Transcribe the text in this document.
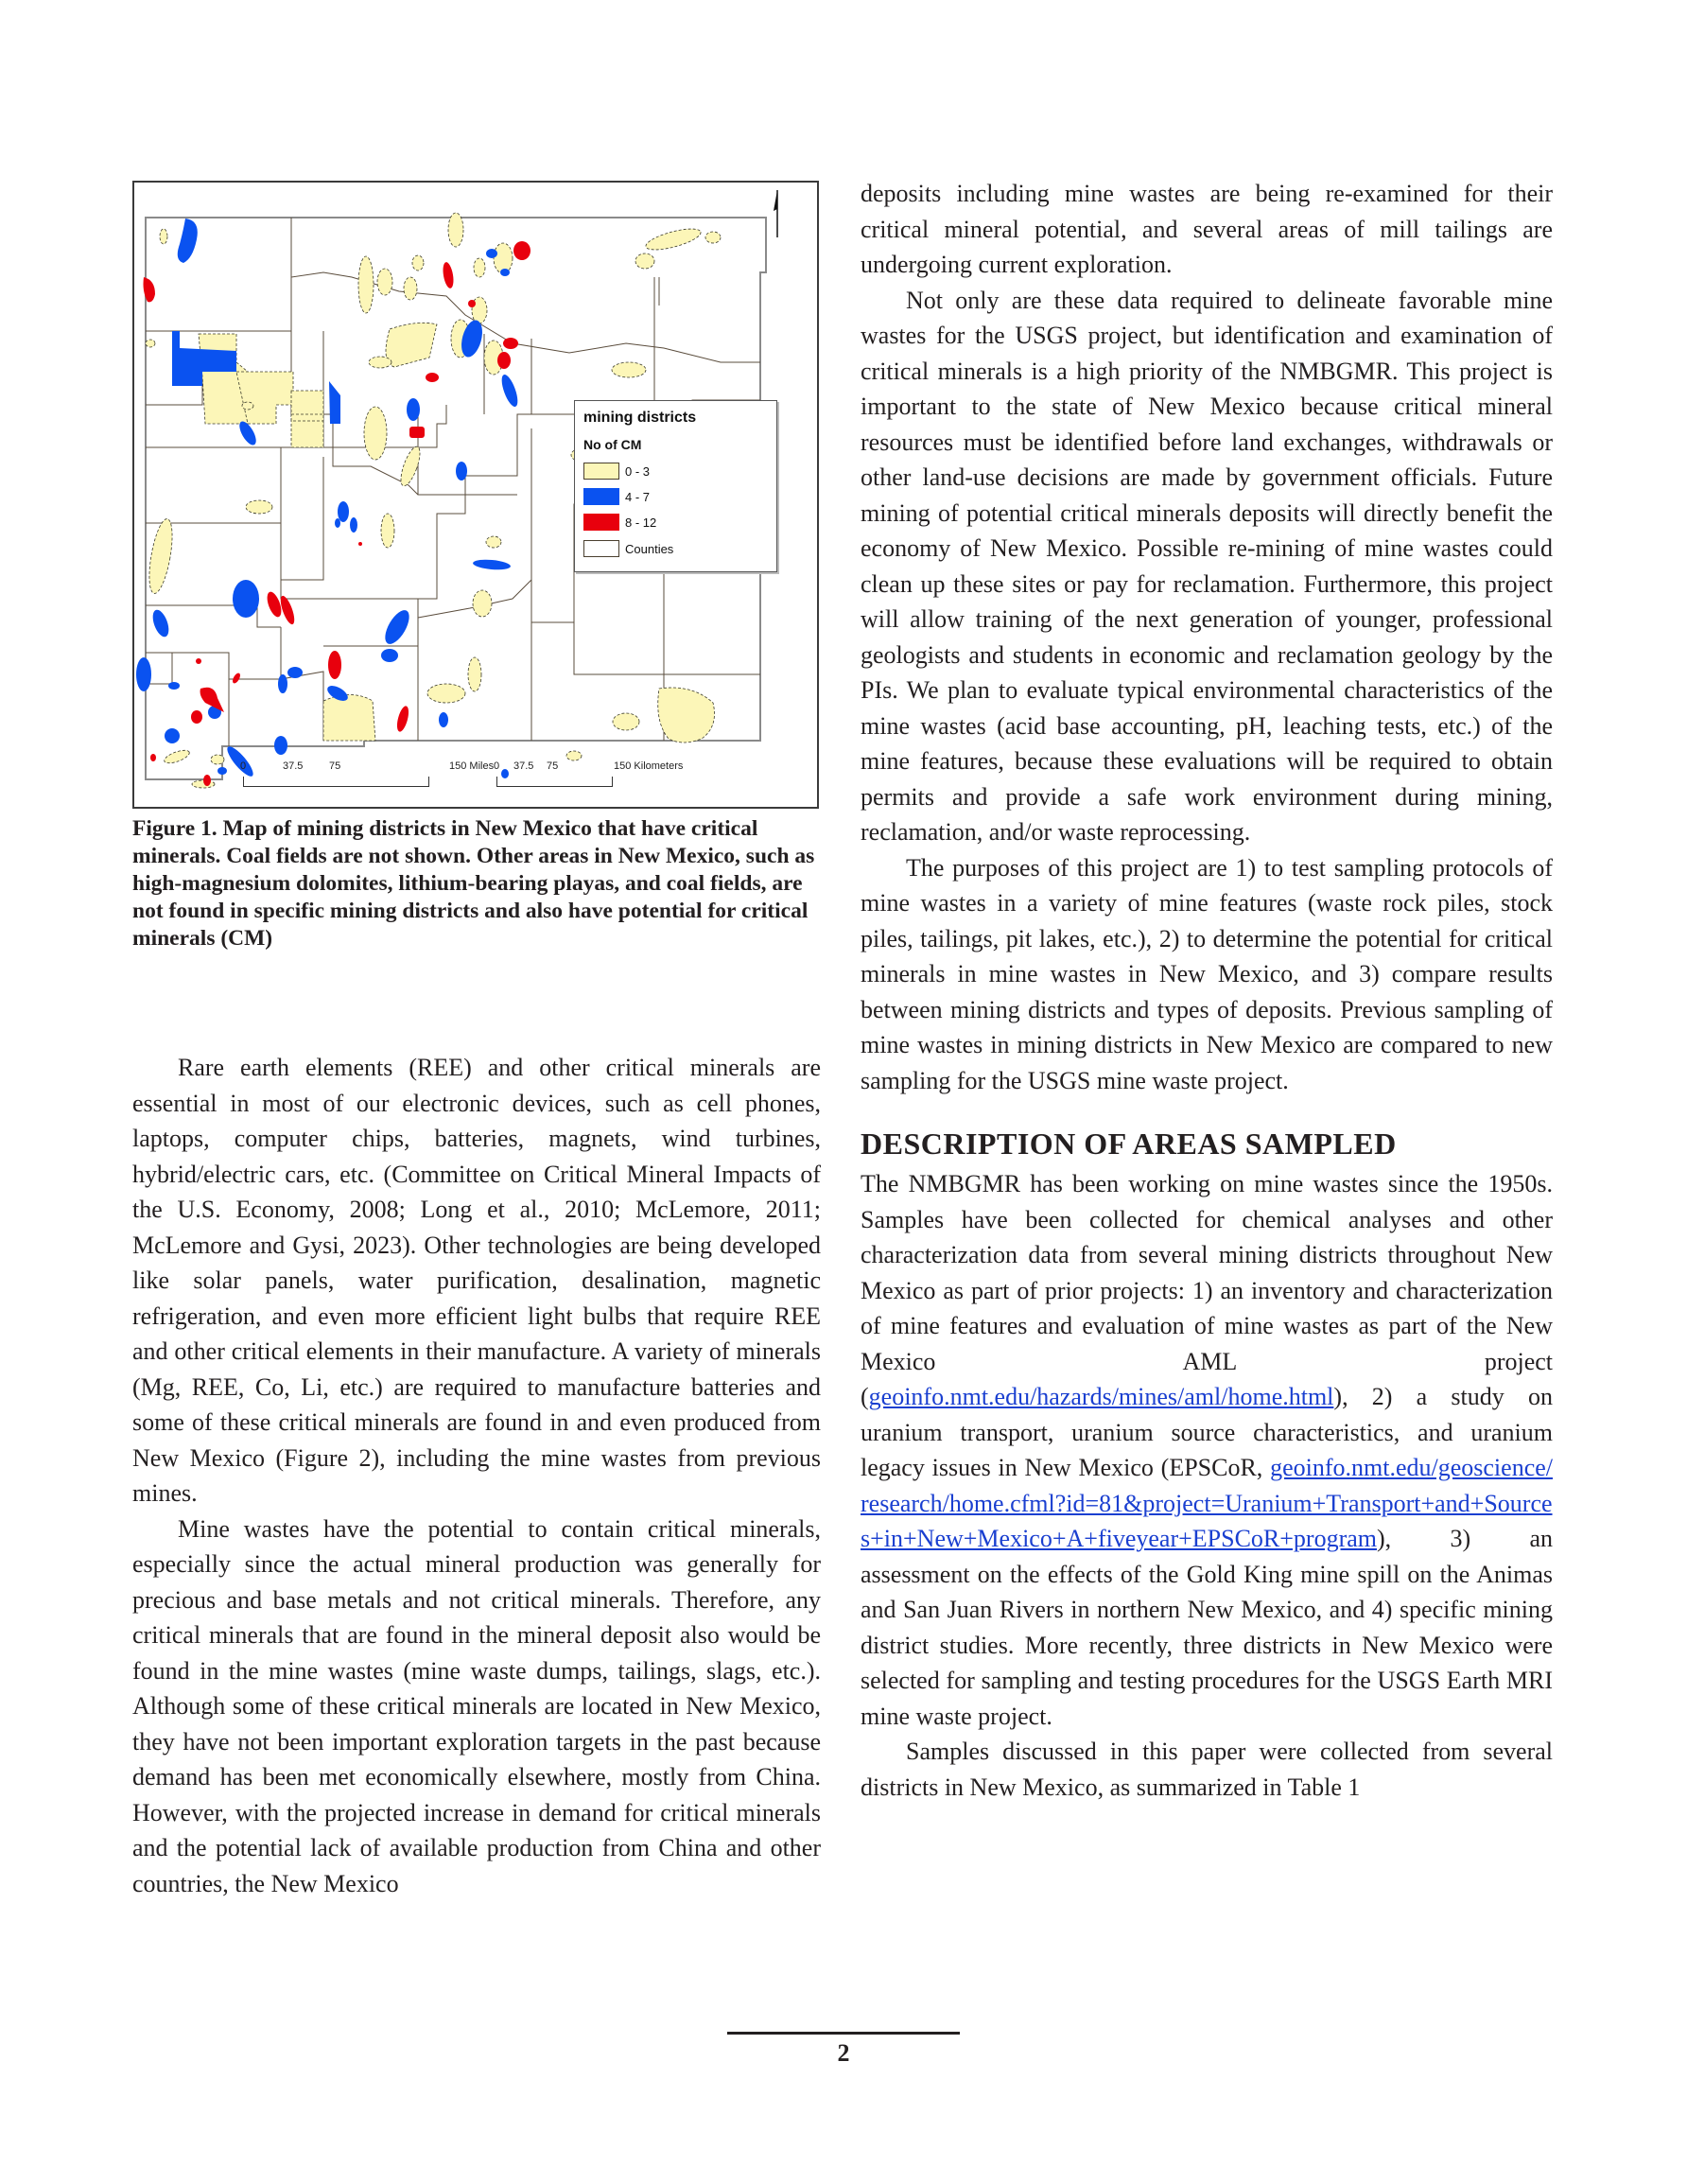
mining districts
No of CM
0 - 3
4 - 7
8 - 12
Counties
0	37.5	75	150 Miles 0 37.5 75	150 Kilometers
Figure 1. Map of mining districts in New Mexico that have critical minerals. Coal fields are not shown. Other areas in New Mexico, such as high-magnesium dolomites, lithium-bearing playas, and coal fields, are not found in specific mining districts and also have potential for critical minerals (CM)

Rare earth elements (REE) and other critical minerals are essential in most of our electronic devices, such as cell phones, laptops, computer chips, batteries, magnets, wind turbines, hybrid/electric cars, etc. (Committee on Critical Mineral Impacts of the U.S. Economy, 2008; Long et al., 2010; McLemore, 2011; McLemore and Gysi, 2023). Other technologies are being developed like solar panels, water purification, desalination, magnetic refrigeration, and even more efficient light bulbs that require REE and other critical elements in their manufacture. A variety of minerals (Mg, REE, Co, Li, etc.) are required to manufacture batteries and some of these critical minerals are found in and even produced from New Mexico (Figure 2), including the mine wastes from previous mines.

Mine wastes have the potential to contain critical minerals, especially since the actual mineral production was generally for precious and base metals and not critical minerals. Therefore, any critical minerals that are found in the mineral deposit also would be found in the mine wastes (mine waste dumps, tailings, slags, etc.). Although some of these critical minerals are located in New Mexico, they have not been important exploration targets in the past because demand has been met economically elsewhere, mostly from China. However, with the projected increase in demand for critical minerals and the potential lack of available production from China and other countries, the New Mexico

deposits including mine wastes are being re-examined for their critical mineral potential, and several areas of mill tailings are undergoing current exploration.

Not only are these data required to delineate favorable mine wastes for the USGS project, but identification and examination of critical minerals is a high priority of the NMBGMR. This project is important to the state of New Mexico because critical mineral resources must be identified before land exchanges, withdrawals or other land-use decisions are made by government officials. Future mining of potential critical minerals deposits will directly benefit the economy of New Mexico. Possible re-mining of mine wastes could clean up these sites or pay for reclamation. Furthermore, this project will allow training of the next generation of younger, professional geologists and students in economic and reclamation geology by the PIs. We plan to evaluate typical environmental characteristics of the mine wastes (acid base accounting, pH, leaching tests, etc.) of the mine features, because these evaluations will be required to obtain permits and provide a safe work environment during mining, reclamation, and/or waste reprocessing.

The purposes of this project are 1) to test sampling protocols of mine wastes in a variety of mine features (waste rock piles, stock piles, tailings, pit lakes, etc.), 2) to determine the potential for critical minerals in mine wastes in New Mexico, and 3) compare results between mining districts and types of deposits. Previous sampling of mine wastes in mining districts in New Mexico are compared to new sampling for the USGS mine waste project.

DESCRIPTION OF AREAS SAMPLED

The NMBGMR has been working on mine wastes since the 1950s. Samples have been collected for chemical analyses and other characterization data from several mining districts throughout New Mexico as part of prior projects: 1) an inventory and characterization of mine features and evaluation of mine wastes as part of the New Mexico AML project (geoinfo.nmt.edu/hazards/mines/aml/home.html), 2) a study on uranium transport, uranium source characteristics, and uranium legacy issues in New Mexico (EPSCoR, geoinfo.nmt.edu/geoscience/research/home.cfml?id=81&project=Uranium+Transport+and+Sources+in+New+Mexico+A+fiveyear+EPSCoR+program), 3) an assessment on the effects of the Gold King mine spill on the Animas and San Juan Rivers in northern New Mexico, and 4) specific mining district studies. More recently, three districts in New Mexico were selected for sampling and testing procedures for the USGS Earth MRI mine waste project.

Samples discussed in this paper were collected from several districts in New Mexico, as summarized in Table 1

2
